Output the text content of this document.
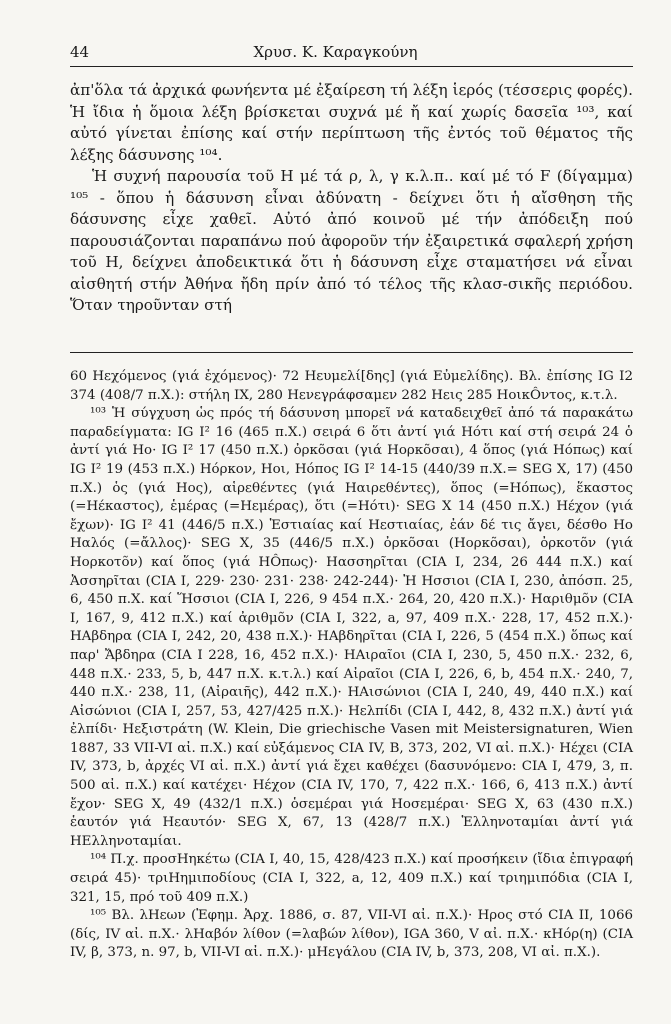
44	Χρυσ. Κ. Καραγκούνη

ἀπ'ὅλα τά ἀρχικά φωνήεντα μέ ἐξαίρεση τή λέξη ἱερός (τέσσερις φορές). Ἡ ἴδια ἡ ὅμοια λέξη βρίσκεται συχνά μέ ἤ καί χωρίς δασεῖα ¹⁰³, καί αὐτό γίνεται ἐπίσης καί στήν περίπτωση τῆς ἐντός τοῦ θέματος τῆς λέξης δάσυνσης ¹⁰⁴.

Ἡ συχνή παρουσία τοῦ Η μέ τά ρ, λ, γ κ.λ.π.. καί μέ τό F (δίγαμμα) ¹⁰⁵ - ὅπου ἡ δάσυνση εἶναι ἀδύνατη - δείχνει ὅτι ἡ αἴσθηση τῆς δάσυνσης εἶχε χαθεῖ. Αὐτό ἀπό κοινοῦ μέ τήν ἀπόδειξη πού παρουσιάζονται παραπάνω πού ἀφοροῦν τήν ἐξαιρετικά σφαλερή χρήση τοῦ Η, δείχνει ἀποδεικτικά ὅτι ἡ δάσυνση εἶχε σταματήσει νά εἶναι αἰσθητή στήν Ἀθήνα ἤδη πρίν ἀπό τό τέλος τῆς κλασ-σικῆς περιόδου. Ὅταν τηροῦνταν στή

60 Ηεχόμενος (γιά ἐχόμενος)· 72 Ηευμελί[δης] (γιά Εὐμελίδης). Βλ. ἐπίσης IG I2 374 (408/7 π.Χ.): στήλη IX, 280 Ηενεγράφσαμεν 282 Ηεις 285 ΗοικÔντος, κ.τ.λ.

¹⁰³ Ἡ σύγχυση ὡς πρός τή δάσυνση μπορεῖ νά καταδειχθεῖ ἀπό τά παρακάτω παραδείγματα: IG I² 16 (465 π.Χ.) σειρά 6 ὅτι ἀντί γιά Ηότι καί στή σειρά 24 ὁ ἀντί γιά Ηο· IG I² 17 (450 π.Χ.) ὀρκõσαι (γιά Ηορκõσαι), 4 ὅπος (γιά Ηόπως) καί IG I² 19 (453 π.Χ.) Ηόρκον, Ηοι, Ηόπος IG I² 14-15 (440/39 π.Χ.= SEG X, 17) (450 π.Χ.) ὁς (γιά Ηος), αἱρεθέντες (γιά Ηαιρεθέντες), ὅπος (=Ηόπως), ἕκαστος (=Ηέκαστος), ἑμέρας (=Ηεμέρας), ὅτι (=Ηότι)· SEG X 14 (450 π.Χ.) Ηέχον (γιά ἔχων)· IG I² 41 (446/5 π.Χ.) Ἑστιαίας καί Ηεστιαίας, ἐάν δέ τις ἄγει, δέσθο Ηο Ηαλός (=ἄλλος)· SEG X, 35 (446/5 π.Χ.) ὀρκõσαι (Ηορκõσαι), ὀρκοτõν (γιά Ηορκοτõν) καί ὅπος (γιά ΗÔπως)· Ηασσηρῖται (CIA I, 234, 26 444 π.Χ.) καί Ἀσσηρῖται (CIA I, 229· 230· 231· 238· 242-244)· Ἠ Ησσιοι (CIA I, 230, ἀπόσπ. 25, 6, 450 π.Χ. καί Ἥσσιοι (CIA I, 226, 9 454 π.Χ.· 264, 20, 420 π.Χ.)· Ηαριθμõν (CIA I, 167, 9, 412 π.Χ.) καί ἀριθμõν (CIA I, 322, a, 97, 409 π.Χ.· 228, 17, 452 π.Χ.)· ΗΑβδηρα (CIA I, 242, 20, 438 π.Χ.)· ΗΑβδηρῖται (CIA I, 226, 5 (454 π.Χ.) ὅπως καί παρ' Ἄβδηρα (CIA I 228, 16, 452 π.Χ.)· ΗΑιραῖοι (CIA I, 230, 5, 450 π.Χ.· 232, 6, 448 π.Χ.· 233, 5, b, 447 π.Χ. κ.τ.λ.) καί Αἰραῖοι (CIA I, 226, 6, b, 454 π.Χ.· 240, 7, 440 π.Χ.· 238, 11, (Αἰραιῆς), 442 π.Χ.)· ΗΑισώνιοι (CIA I, 240, 49, 440 π.Χ.) καί Αἰσώνιοι (CIA I, 257, 53, 427/425 π.Χ.)· Ηελπίδι (CIA I, 442, 8, 432 π.Χ.) ἀντί γιά ἐλπίδι· Ηεξιστράτη (W. Klein, Die griechische Vasen mit Meistersignaturen, Wien 1887, 33 VII-VI αἰ. π.Χ.) καί εὐξάμενος CIA IV, B, 373, 202, VI αἰ. π.Χ.)· Ηέχει (CIA IV, 373, b, ἀρχές VI αἰ. π.Χ.) ἀντί γιά ἔχει καθέχει (δασυνόμενο: CIA I, 479, 3, π. 500 αἰ. π.Χ.) καί κατέχει· Ηέχον (CIA IV, 170, 7, 422 π.Χ.· 166, 6, 413 π.Χ.) ἀντί ἔχον· SEG X, 49 (432/1 π.Χ.) ὁσεμέραι γιά Ηοσεμέραι· SEG X, 63 (430 π.Χ.) ἑαυτόν γιά Ηεαυτόν· SEG X, 67, 13 (428/7 π.Χ.) Ἑλληνοταμίαι ἀντί γιά ΗΕλληνοταμίαι.

¹⁰⁴ Π.χ. προσΗηκέτω (CIA I, 40, 15, 428/423 π.Χ.) καί προσήκειν (ἴδια ἐπιγραφή σειρά 45)· τριΗημιποδίους (CIA I, 322, a, 12, 409 π.Χ.) καί τριημιπόδια (CIA I, 321, 15, πρό τοῦ 409 π.Χ.)

¹⁰⁵ Βλ. λΗεων (Ἐφημ. Ἀρχ. 1886, σ. 87, VII-VI αἰ. π.Χ.)· Ηρος στό CIA II, 1066 (δίς, IV αἰ. π.Χ.· λΗαβόν λίθον (=λαβών λίθον), IGA 360, V αἰ. π.Χ.· κΗόρ(η) (CIA IV, β, 373, n. 97, b, VII-VI αἰ. π.Χ.)· μΗεγάλου (CIA IV, b, 373, 208, VI αἰ. π.Χ.).
